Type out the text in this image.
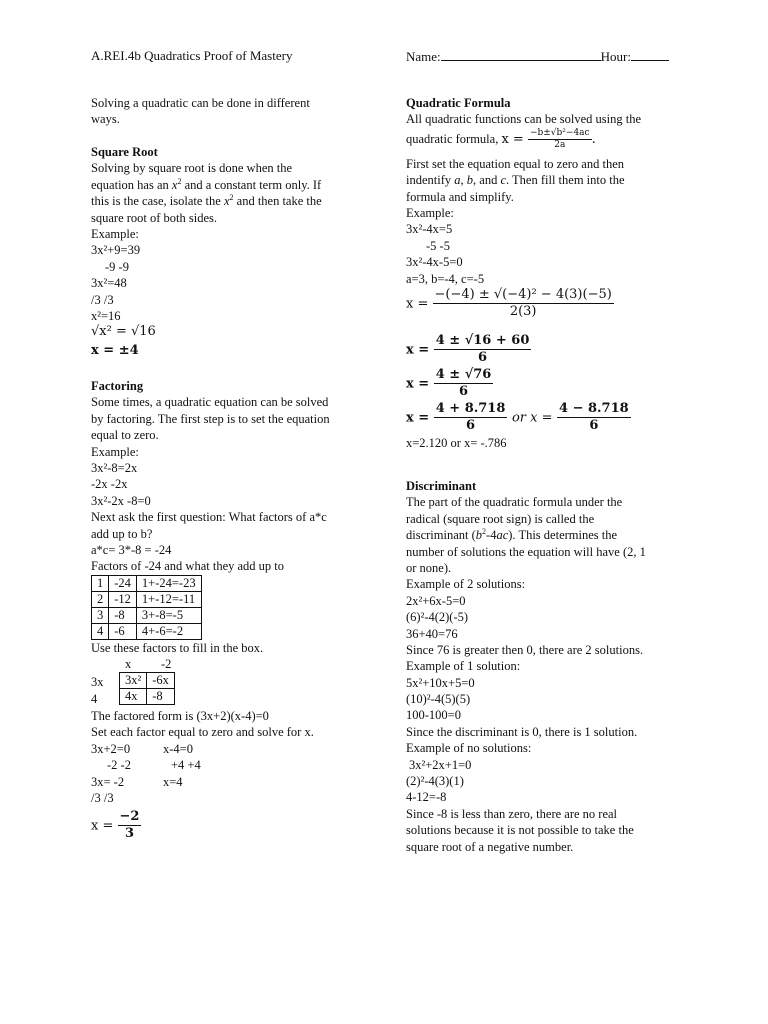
A.REI.4b Quadratics Proof of Mastery	Name:	Hour:
Solving a quadratic can be done in different
ways.
Square Root
Solving by square root is done when the
equation has an $x^2$ and a constant term only. If
this is the case, isolate the $x^2$ and then take the
square root of both sides.
Example:
3x²+9=39
-9 -9
3x²=48
/3 /3
x²=16
√x² = √16
x = ±4
Factoring
Some times, a quadratic equation can be solved
by factoring. The first step is to set the equation
equal to zero.
Example:
3x²-8=2x
-2x -2x
3x²-2x -8=0
Next ask the first question: What factors of a*c
add up to b?
a*c= 3*-8 = -24
Factors of -24 and what they add up to
1	-24	1+-24=-23
2	-12	1+-12=-11
3	-8	3+-8=-5
4	-6	4+-6=-2
Use these factors to fill in the box.
x -2
3x
4
3x²	-6x
4x	-8
The factored form is (3x+2)(x-4)=0
Set each factor equal to zero and solve for x.
3x+2=0
-2 -2
3x= -2
/3 /3
x-4=0
+4 +4
x=4
$x = \frac{-2}{3}$
Quadratic Formula
All quadratic functions can be solved using the
quadratic formula, $x = \frac{\text{−b±√b²−4ac}}{2a}$ .
First set the equation equal to zero and then
indentify a, b, and c. Then fill them into the
formula and simplify.
Example:
3x²-4x=5
-5 -5
3x²-4x-5=0
a=3, b=-4, c=-5
$x = \frac{\text{−(−4) ± √(−4)² − 4(3)(−5)}}{2(3)}$
$x = \frac{4 \pm √16 + 60}{6}$
$x = \frac{4 \pm √76}{6}$
$x = \frac{4 + 8.718}{6}$ or $x = \frac{4 - 8.718}{6}$
x=2.120 or x= -.786
Discriminant
The part of the quadratic formula under the
radical (square root sign) is called the
discriminant $(b^2-4ac)$. This determines the
number of solutions the equation will have (2, 1
or none).
Example of 2 solutions:
2x²+6x-5=0
(6)²-4(2)(-5)
36+40=76
Since 76 is greater then 0, there are 2 solutions.
Example of 1 solution:
5x²+10x+5=0
(10)²-4(5)(5)
100-100=0
Since the discriminant is 0, there is 1 solution.
Example of no solutions:
3x²+2x+1=0
(2)²-4(3)(1)
4-12=-8
Since -8 is less than zero, there are no real
solutions because it is not possible to take the
square root of a negative number.
